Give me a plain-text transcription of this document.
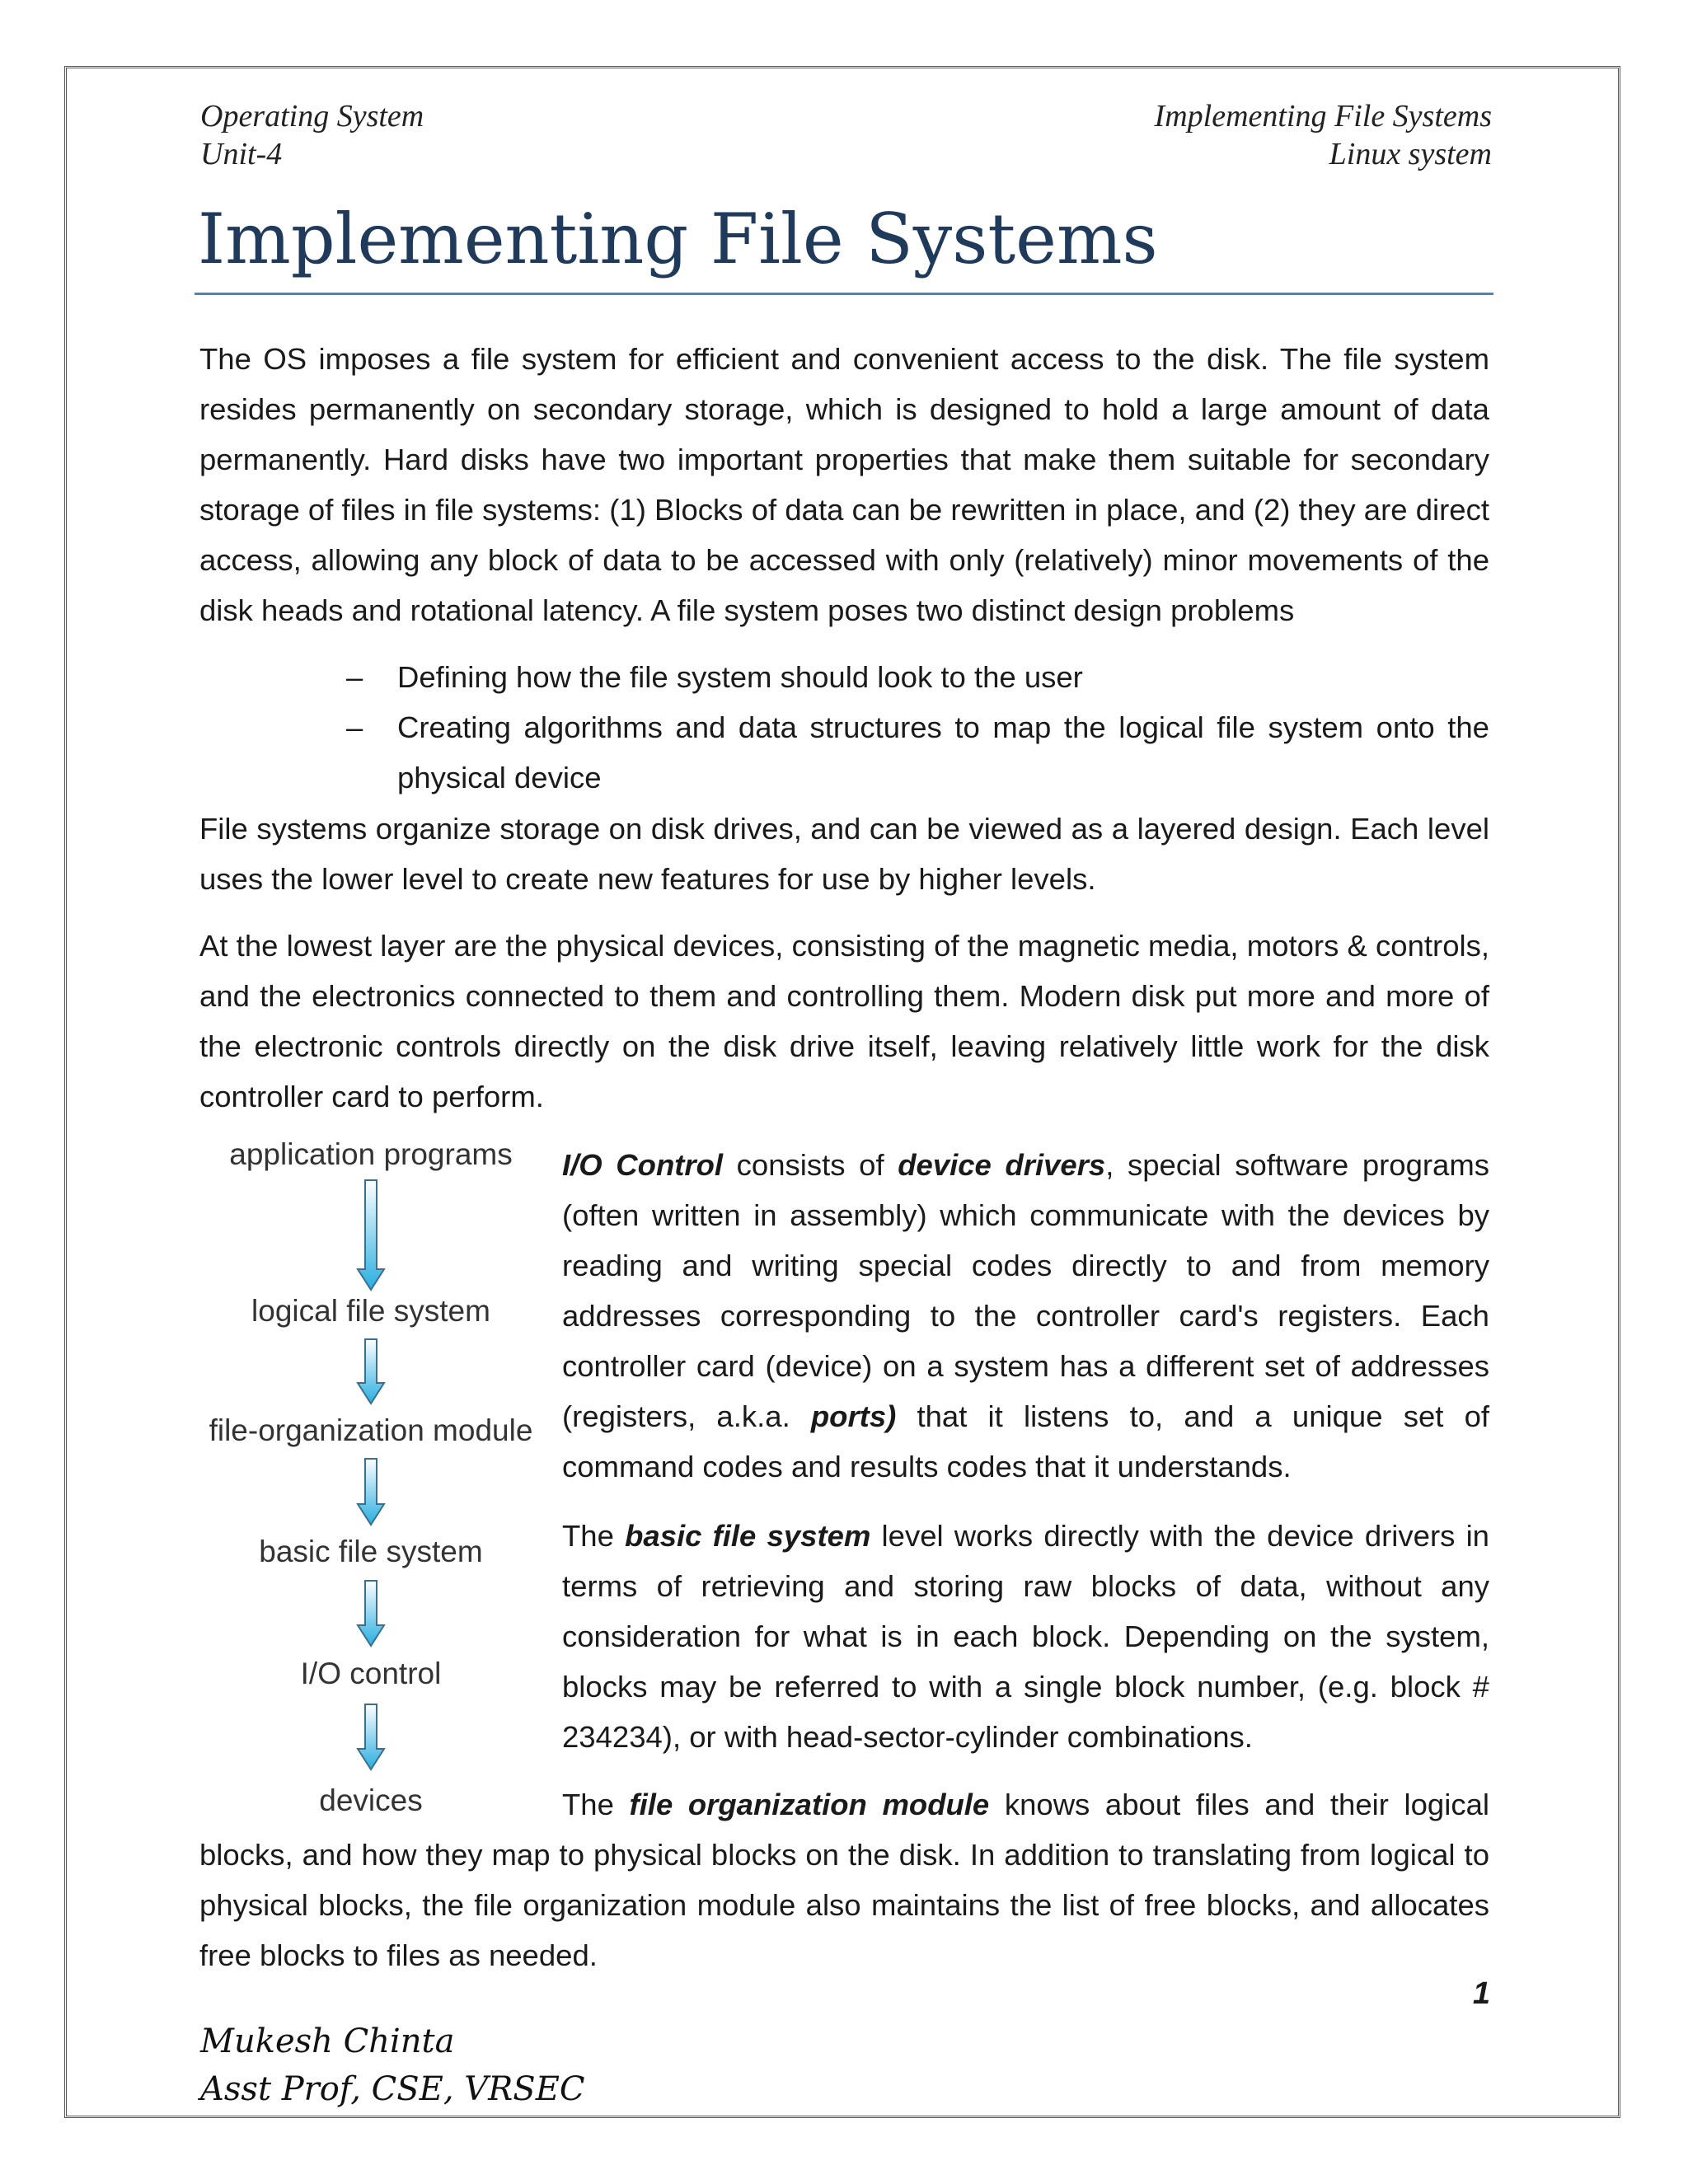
Operating System
Unit-4
Implementing File Systems
Linux system
Implementing File Systems

The OS imposes a file system for efficient and convenient access to the disk. The file system resides permanently on secondary storage, which is designed to hold a large amount of data permanently. Hard disks have two important properties that make them suitable for secondary storage of files in file systems: (1) Blocks of data can be rewritten in place, and (2) they are direct access, allowing any block of data to be accessed with only (relatively) minor movements of the disk heads and rotational latency. A file system poses two distinct design problems

– Defining how the file system should look to the user
– Creating algorithms and data structures to map the logical file system onto the physical device

File systems organize storage on disk drives, and can be viewed as a layered design. Each level uses the lower level to create new features for use by higher levels.

At the lowest layer are the physical devices, consisting of the magnetic media, motors & controls, and the electronics connected to them and controlling them. Modern disk put more and more of the electronic controls directly on the disk drive itself, leaving relatively little work for the disk controller card to perform.

application programs
logical file system
file-organization module
basic file system
I/O control
devices
I/O Control consists of device drivers, special software programs (often written in assembly) which communicate with the devices by reading and writing special codes directly to and from memory addresses corresponding to the controller card's registers. Each controller card (device) on a system has a different set of addresses (registers, a.k.a. ports) that it listens to, and a unique set of command codes and results codes that it understands.
The basic file system level works directly with the device drivers in terms of retrieving and storing raw blocks of data, without any consideration for what is in each block. Depending on the system, blocks may be referred to with a single block number, (e.g. block # 234234), or with head-sector-cylinder combinations.
The file organization module knows about files and their logical blocks, and how they map to physical blocks on the disk. In addition to translating from logical to physical blocks, the file organization module also maintains the list of free blocks, and allocates free blocks to files as needed.
1
Mukesh Chinta
Asst Prof, CSE, VRSEC
